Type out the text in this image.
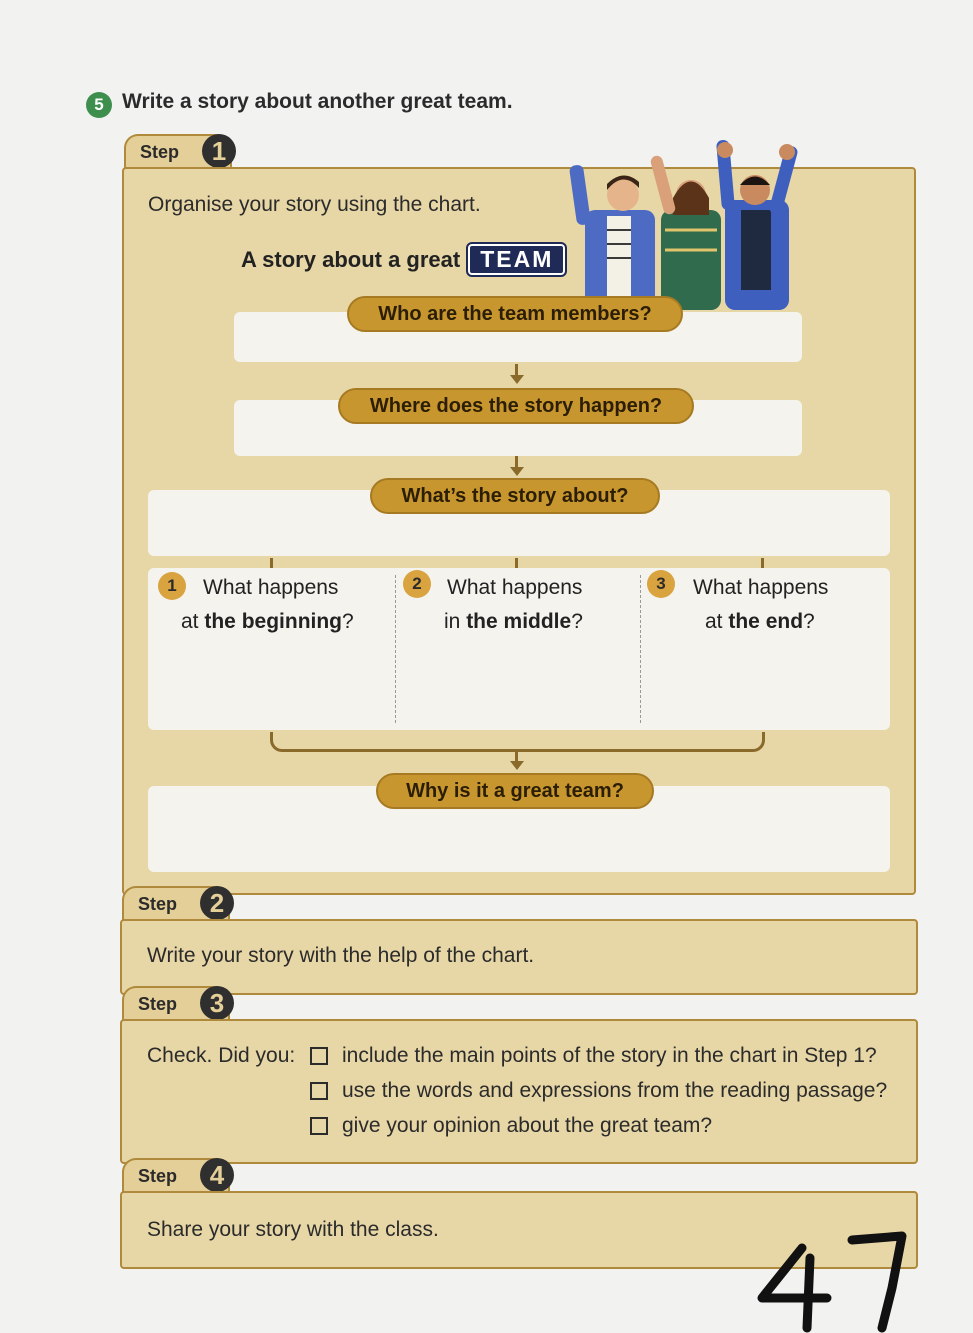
5 Write a story about another great team.
Step	1
Organise your story using the chart.
A story about a great TEAM
Who are the team members?
Where does the story happen?
What’s the story about?
1	What happens
at the beginning?
2	What happens
in the middle?
3	What happens
at the end?
Why is it a great team?
Step	2
Write your story with the help of the chart.
Step	3
Check. Did you: include the main points of the story in the chart in Step 1?
use the words and expressions from the reading passage?
give your opinion about the great team?
Step	4
Share your story with the class.
